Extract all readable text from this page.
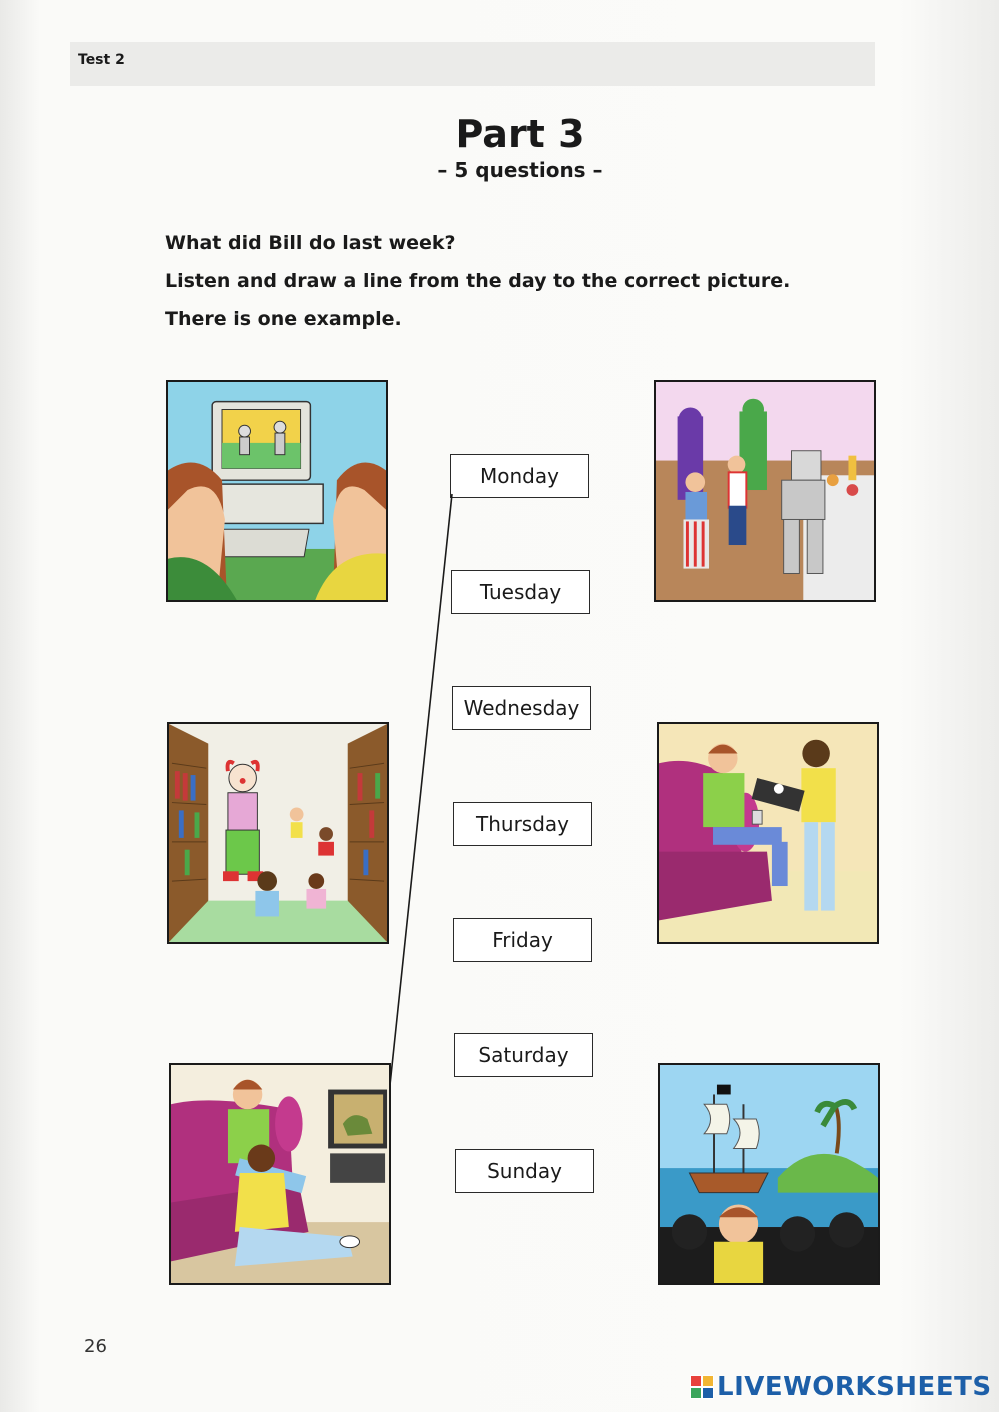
Test 2
Part 3
– 5 questions –
What did Bill do last week?
Listen and draw a line from the day to the correct picture.
There is one example.
Monday
Tuesday
Wednesday
Thursday
Friday
Saturday
Sunday
26
LIVEWORKSHEETS
